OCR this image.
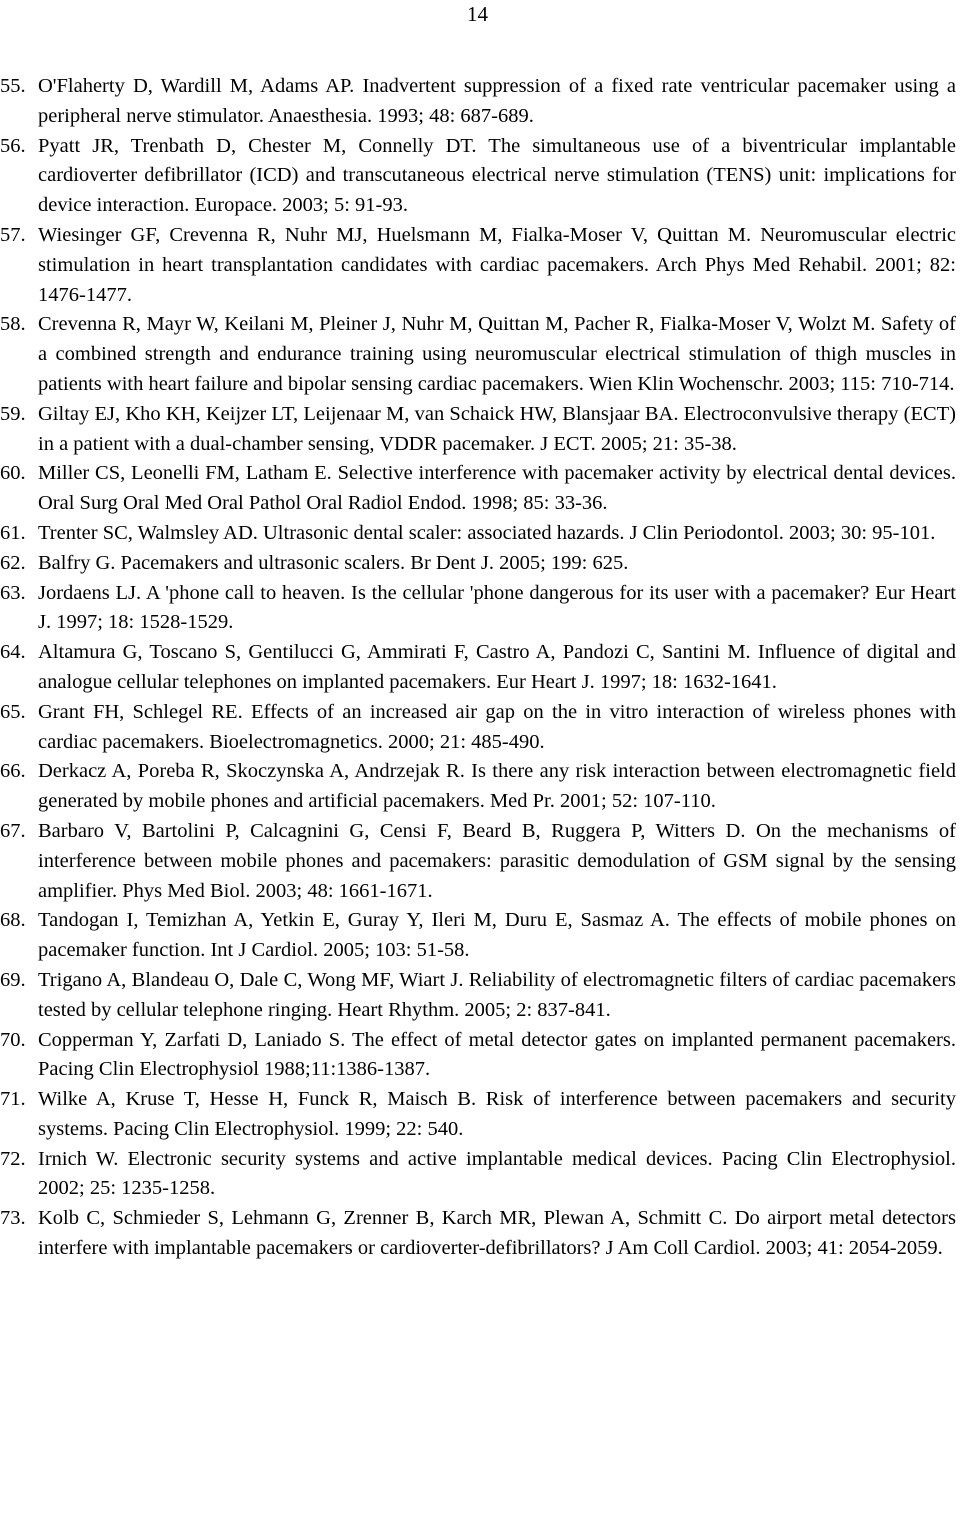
14
55. O'Flaherty D, Wardill M, Adams AP. Inadvertent suppression of a fixed rate ventricular pacemaker using a peripheral nerve stimulator. Anaesthesia. 1993; 48: 687-689.
56. Pyatt JR, Trenbath D, Chester M, Connelly DT. The simultaneous use of a biventricular implantable cardioverter defibrillator (ICD) and transcutaneous electrical nerve stimulation (TENS) unit: implications for device interaction. Europace. 2003; 5: 91-93.
57. Wiesinger GF, Crevenna R, Nuhr MJ, Huelsmann M, Fialka-Moser V, Quittan M. Neuromuscular electric stimulation in heart transplantation candidates with cardiac pacemakers. Arch Phys Med Rehabil. 2001; 82: 1476-1477.
58. Crevenna R, Mayr W, Keilani M, Pleiner J, Nuhr M, Quittan M, Pacher R, Fialka-Moser V, Wolzt M. Safety of a combined strength and endurance training using neuromuscular electrical stimulation of thigh muscles in patients with heart failure and bipolar sensing cardiac pacemakers. Wien Klin Wochenschr. 2003; 115: 710-714.
59. Giltay EJ, Kho KH, Keijzer LT, Leijenaar M, van Schaick HW, Blansjaar BA. Electroconvulsive therapy (ECT) in a patient with a dual-chamber sensing, VDDR pacemaker. J ECT. 2005; 21: 35-38.
60. Miller CS, Leonelli FM, Latham E. Selective interference with pacemaker activity by electrical dental devices. Oral Surg Oral Med Oral Pathol Oral Radiol Endod. 1998; 85: 33-36.
61. Trenter SC, Walmsley AD. Ultrasonic dental scaler: associated hazards. J Clin Periodontol. 2003; 30: 95-101.
62. Balfry G. Pacemakers and ultrasonic scalers. Br Dent J. 2005; 199: 625.
63. Jordaens LJ. A 'phone call to heaven. Is the cellular 'phone dangerous for its user with a pacemaker? Eur Heart J. 1997; 18: 1528-1529.
64. Altamura G, Toscano S, Gentilucci G, Ammirati F, Castro A, Pandozi C, Santini M. Influence of digital and analogue cellular telephones on implanted pacemakers. Eur Heart J. 1997; 18: 1632-1641.
65. Grant FH, Schlegel RE. Effects of an increased air gap on the in vitro interaction of wireless phones with cardiac pacemakers. Bioelectromagnetics. 2000; 21: 485-490.
66. Derkacz A, Poreba R, Skoczynska A, Andrzejak R. Is there any risk interaction between electromagnetic field generated by mobile phones and artificial pacemakers. Med Pr. 2001; 52: 107-110.
67. Barbaro V, Bartolini P, Calcagnini G, Censi F, Beard B, Ruggera P, Witters D. On the mechanisms of interference between mobile phones and pacemakers: parasitic demodulation of GSM signal by the sensing amplifier. Phys Med Biol. 2003; 48: 1661-1671.
68. Tandogan I, Temizhan A, Yetkin E, Guray Y, Ileri M, Duru E, Sasmaz A. The effects of mobile phones on pacemaker function. Int J Cardiol. 2005; 103: 51-58.
69. Trigano A, Blandeau O, Dale C, Wong MF, Wiart J. Reliability of electromagnetic filters of cardiac pacemakers tested by cellular telephone ringing. Heart Rhythm. 2005; 2: 837-841.
70. Copperman Y, Zarfati D, Laniado S. The effect of metal detector gates on implanted permanent pacemakers. Pacing Clin Electrophysiol 1988;11:1386-1387.
71. Wilke A, Kruse T, Hesse H, Funck R, Maisch B. Risk of interference between pacemakers and security systems. Pacing Clin Electrophysiol. 1999; 22: 540.
72. Irnich W. Electronic security systems and active implantable medical devices. Pacing Clin Electrophysiol. 2002; 25: 1235-1258.
73. Kolb C, Schmieder S, Lehmann G, Zrenner B, Karch MR, Plewan A, Schmitt C. Do airport metal detectors interfere with implantable pacemakers or cardioverter-defibrillators? J Am Coll Cardiol. 2003; 41: 2054-2059.
